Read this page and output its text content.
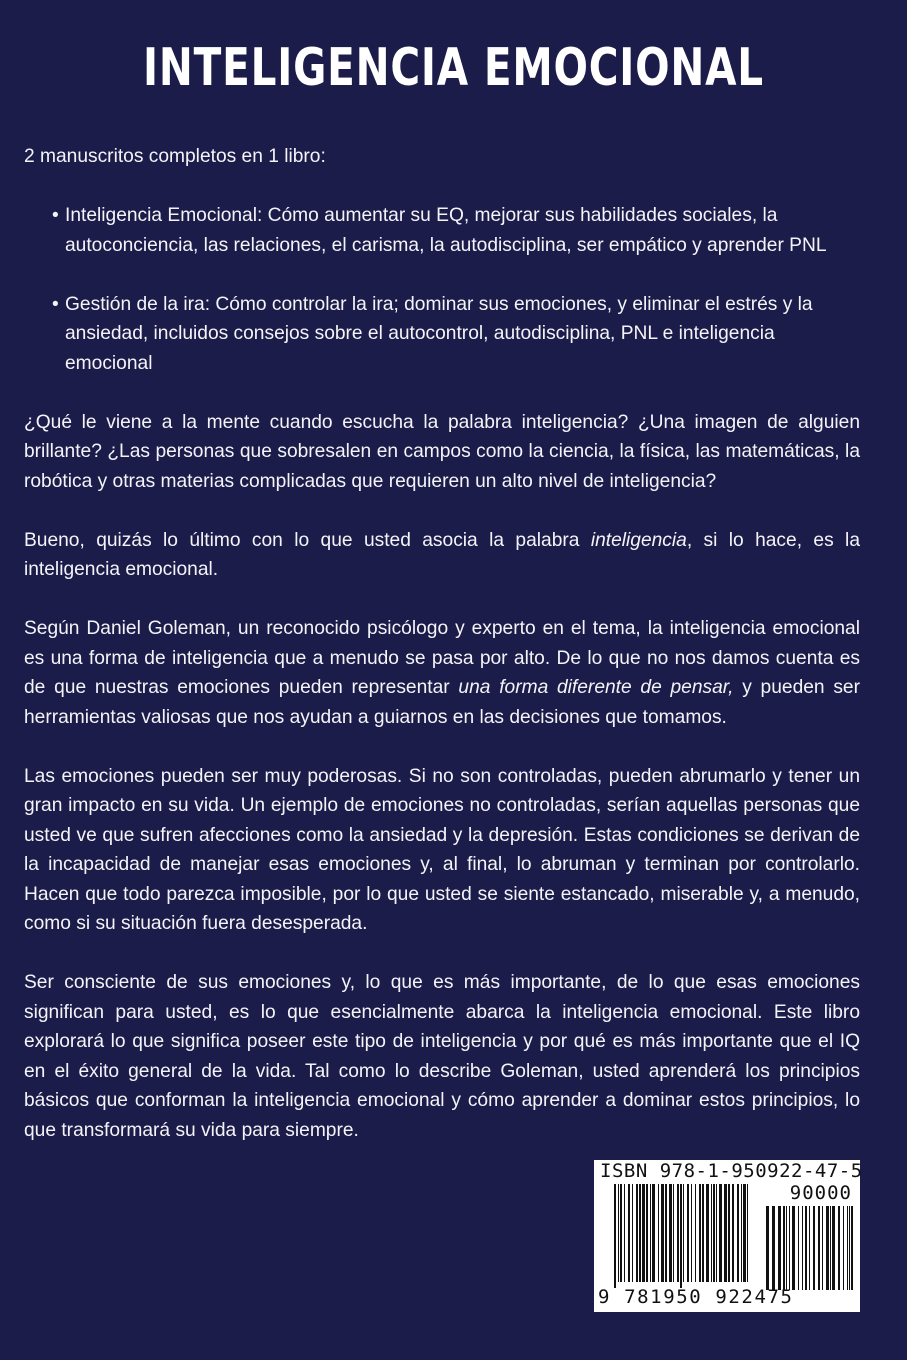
INTELIGENCIA EMOCIONAL

2 manuscritos completos en 1 libro:

• Inteligencia Emocional: Cómo aumentar su EQ, mejorar sus habilidades sociales, la autoconciencia, las relaciones, el carisma, la autodisciplina, ser empático y aprender PNL
• Gestión de la ira: Cómo controlar la ira; dominar sus emociones, y eliminar el estrés y la ansiedad, incluidos consejos sobre el autocontrol, autodisciplina, PNL e inteligencia emocional

¿Qué le viene a la mente cuando escucha la palabra inteligencia? ¿Una imagen de alguien brillante? ¿Las personas que sobresalen en campos como la ciencia, la física, las matemáticas, la robótica y otras materias complicadas que requieren un alto nivel de inteligencia?

Bueno, quizás lo último con lo que usted asocia la palabra inteligencia, si lo hace, es la inteligencia emocional.

Según Daniel Goleman, un reconocido psicólogo y experto en el tema, la inteligencia emocional es una forma de inteligencia que a menudo se pasa por alto. De lo que no nos damos cuenta es de que nuestras emociones pueden representar una forma diferente de pensar, y pueden ser herramientas valiosas que nos ayudan a guiarnos en las decisiones que tomamos.

Las emociones pueden ser muy poderosas. Si no son controladas, pueden abrumarlo y tener un gran impacto en su vida. Un ejemplo de emociones no controladas, serían aquellas personas que usted ve que sufren afecciones como la ansiedad y la depresión. Estas condiciones se derivan de la incapacidad de manejar esas emociones y, al final, lo abruman y terminan por controlarlo. Hacen que todo parezca imposible, por lo que usted se siente estancado, miserable y, a menudo, como si su situación fuera desesperada.

Ser consciente de sus emociones y, lo que es más importante, de lo que esas emociones significan para usted, es lo que esencialmente abarca la inteligencia emocional. Este libro explorará lo que significa poseer este tipo de inteligencia y por qué es más importante que el IQ en el éxito general de la vida. Tal como lo describe Goleman, usted aprenderá los principios básicos que conforman la inteligencia emocional y cómo aprender a dominar estos principios, lo que transformará su vida para siempre.

ISBN 978-1-950922-47-5
90000
9 781950 922475
